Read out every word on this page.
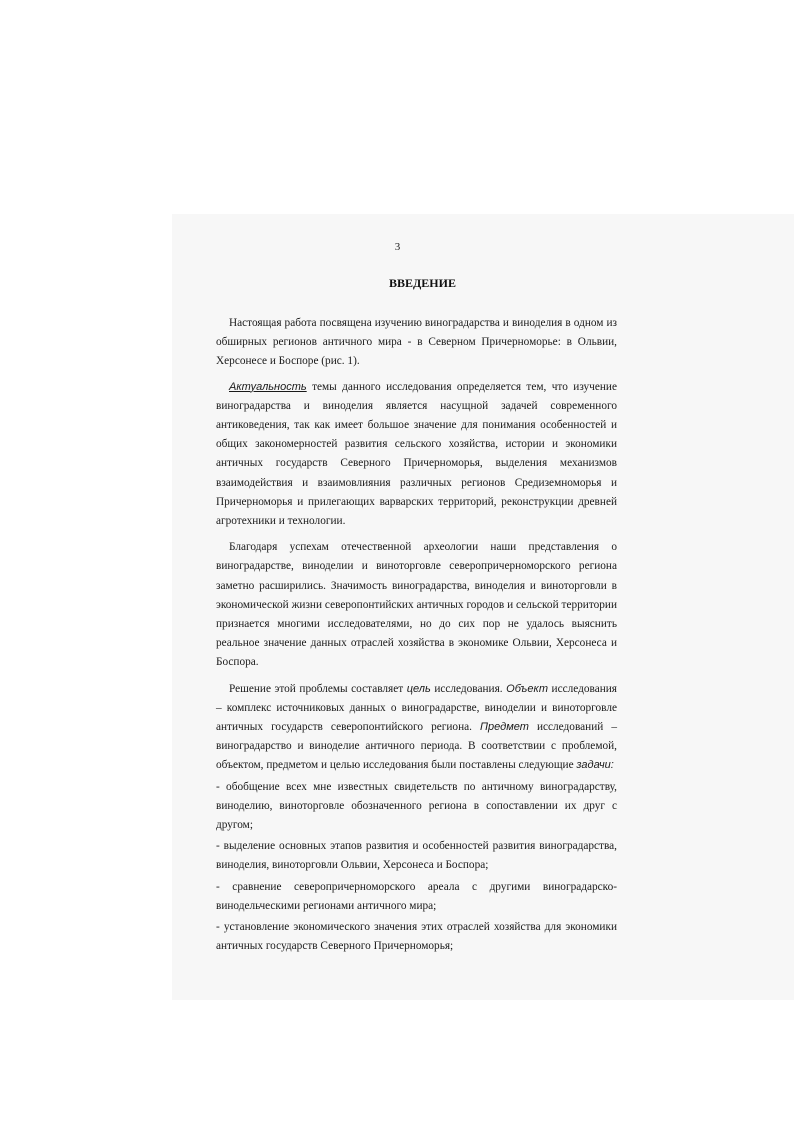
3
ВВЕДЕНИЕ

Настоящая работа посвящена изучению виноградарства и виноделия в одном из обширных регионов античного мира - в Северном Причерноморье: в Ольвии, Херсонесе и Боспоре (рис. 1).

Актуальность темы данного исследования определяется тем, что изучение виноградарства и виноделия является насущной задачей современного антиковедения, так как имеет большое значение для понимания особенностей и общих закономерностей развития сельского хозяйства, истории и экономики античных государств Северного Причерноморья, выделения механизмов взаимодействия и взаимовлияния различных регионов Средиземноморья и Причерноморья и прилегающих варварских территорий, реконструкции древней агротехники и технологии.

Благодаря успехам отечественной археологии наши представления о виноградарстве, виноделии и виноторговле северопричерноморского региона заметно расширились. Значимость виноградарства, виноделия и виноторговли в экономической жизни северопонтийских античных городов и сельской территории признается многими исследователями, но до сих пор не удалось выяснить реальное значение данных отраслей хозяйства в экономике Ольвии, Херсонеса и Боспора.

Решение этой проблемы составляет цель исследования. Объект исследования – комплекс источниковых данных о виноградарстве, виноделии и виноторговле античных государств северопонтийского региона. Предмет исследований – виноградарство и виноделие античного периода. В соответствии с проблемой, объектом, предметом и целью исследования были поставлены следующие задачи:

- обобщение всех мне известных свидетельств по античному виноградарству, виноделию, виноторговле обозначенного региона в сопоставлении их друг с другом;

- выделение основных этапов развития и особенностей развития виноградарства, виноделия, виноторговли Ольвии, Херсонеса и Боспора;

- сравнение северопричерноморского ареала с другими виноградарско-винодельческими регионами античного мира;

- установление экономического значения этих отраслей хозяйства для экономики античных государств Северного Причерноморья;
